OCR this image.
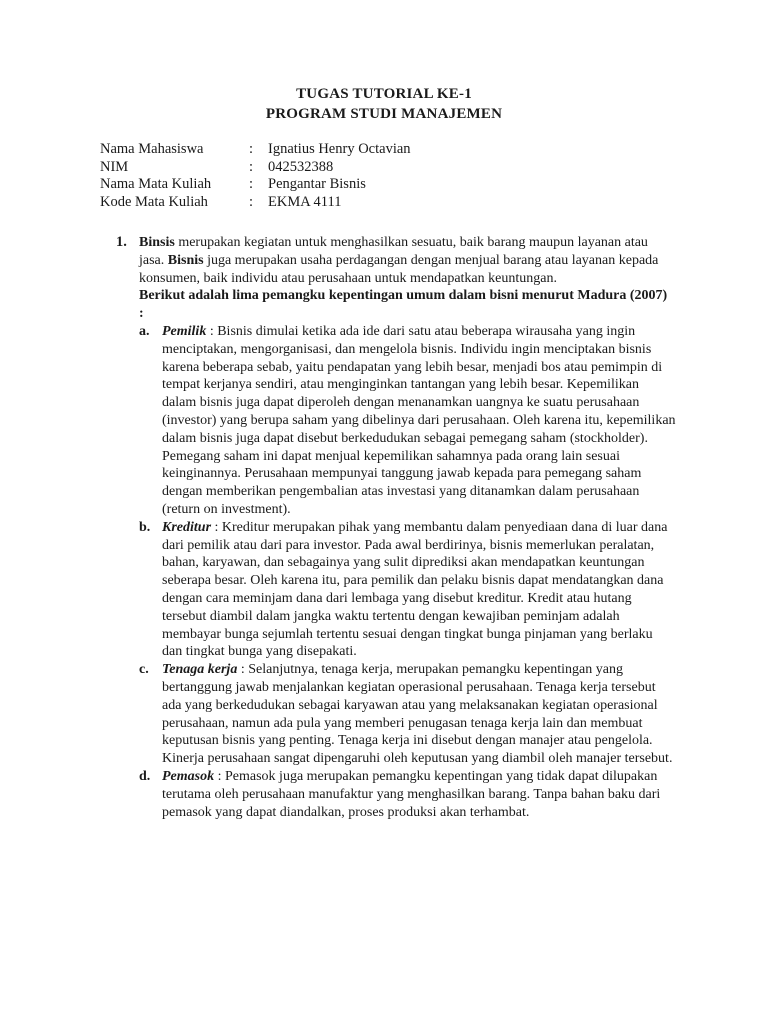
TUGAS TUTORIAL KE-1
PROGRAM STUDI MANAJEMEN
Nama Mahasiswa	: Ignatius Henry Octavian
NIM	: 042532388
Nama Mata Kuliah	: Pengantar Bisnis
Kode Mata Kuliah	: EKMA 4111
1. Binsis merupakan kegiatan untuk menghasilkan sesuatu, baik barang maupun layanan atau jasa. Bisnis juga merupakan usaha perdagangan dengan menjual barang atau layanan kepada konsumen, baik individu atau perusahaan untuk mendapatkan keuntungan.
Berikut adalah lima pemangku kepentingan umum dalam bisni menurut Madura (2007) :
a. Pemilik : Bisnis dimulai ketika ada ide dari satu atau beberapa wirausaha yang ingin menciptakan, mengorganisasi, dan mengelola bisnis. Individu ingin menciptakan bisnis karena beberapa sebab, yaitu pendapatan yang lebih besar, menjadi bos atau pemimpin di tempat kerjanya sendiri, atau menginginkan tantangan yang lebih besar. Kepemilikan dalam bisnis juga dapat diperoleh dengan menanamkan uangnya ke suatu perusahaan (investor) yang berupa saham yang dibelinya dari perusahaan. Oleh karena itu, kepemilikan dalam bisnis juga dapat disebut berkedudukan sebagai pemegang saham (stockholder). Pemegang saham ini dapat menjual kepemilikan sahamnya pada orang lain sesuai keinginannya. Perusahaan mempunyai tanggung jawab kepada para pemegang saham dengan memberikan pengembalian atas investasi yang ditanamkan dalam perusahaan (return on investment).
b. Kreditur : Kreditur merupakan pihak yang membantu dalam penyediaan dana di luar dana dari pemilik atau dari para investor. Pada awal berdirinya, bisnis memerlukan peralatan, bahan, karyawan, dan sebagainya yang sulit diprediksi akan mendapatkan keuntungan seberapa besar. Oleh karena itu, para pemilik dan pelaku bisnis dapat mendatangkan dana dengan cara meminjam dana dari lembaga yang disebut kreditur. Kredit atau hutang tersebut diambil dalam jangka waktu tertentu dengan kewajiban peminjam adalah membayar bunga sejumlah tertentu sesuai dengan tingkat bunga pinjaman yang berlaku dan tingkat bunga yang disepakati.
c. Tenaga kerja : Selanjutnya, tenaga kerja, merupakan pemangku kepentingan yang bertanggung jawab menjalankan kegiatan operasional perusahaan. Tenaga kerja tersebut ada yang berkedudukan sebagai karyawan atau yang melaksanakan kegiatan operasional perusahaan, namun ada pula yang memberi penugasan tenaga kerja lain dan membuat keputusan bisnis yang penting. Tenaga kerja ini disebut dengan manajer atau pengelola. Kinerja perusahaan sangat dipengaruhi oleh keputusan yang diambil oleh manajer tersebut.
d. Pemasok : Pemasok juga merupakan pemangku kepentingan yang tidak dapat dilupakan terutama oleh perusahaan manufaktur yang menghasilkan barang. Tanpa bahan baku dari pemasok yang dapat diandalkan, proses produksi akan terhambat.
